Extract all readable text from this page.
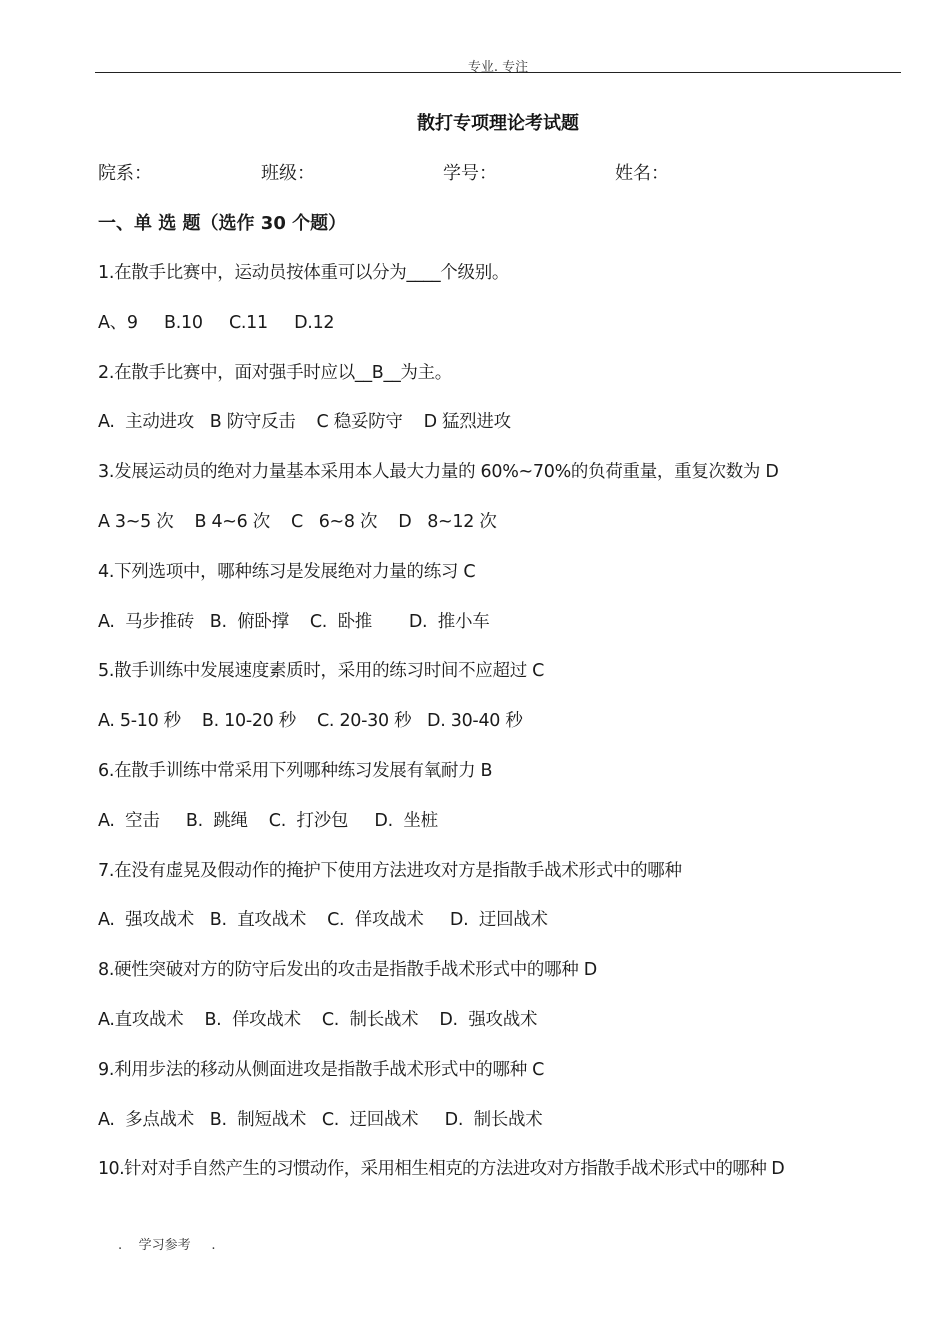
专业. 专注
散打专项理论考试题
院系：	班级：	学号：	姓名：
一、单 选 题（选作 30 个题）
1.在散手比赛中，运动员按体重可以分为____个级别。
A、9     B.10     C.11     D.12
2.在散手比赛中，面对强手时应以__B__为主。
A.  主动进攻   B 防守反击    C 稳妥防守    D 猛烈进攻
3.发展运动员的绝对力量基本采用本人最大力量的 60%~70%的负荷重量，重复次数为 D
A 3~5 次    B 4~6 次    C   6~8 次    D   8~12 次
4.下列选项中，哪种练习是发展绝对力量的练习 C
A.  马步推砖   B.  俯卧撑    C.  卧推       D.  推小车
5.散手训练中发展速度素质时，采用的练习时间不应超过 C
A. 5-10 秒    B. 10-20 秒    C. 20-30 秒   D. 30-40 秒
6.在散手训练中常采用下列哪种练习发展有氧耐力 B
A.  空击     B.  跳绳    C.  打沙包     D.  坐桩
7.在没有虚晃及假动作的掩护下使用方法进攻对方是指散手战术形式中的哪种
A.  强攻战术   B.  直攻战术    C.  佯攻战术     D.  迂回战术
8.硬性突破对方的防守后发出的攻击是指散手战术形式中的哪种 D
A.直攻战术    B.  佯攻战术    C.  制长战术    D.  强攻战术
9.利用步法的移动从侧面进攻是指散手战术形式中的哪种 C
A.  多点战术   B.  制短战术   C.  迂回战术     D.  制长战术
10.针对对手自然产生的习惯动作，采用相生相克的方法进攻对方指散手战术形式中的哪种 D
.    学习参考     .
